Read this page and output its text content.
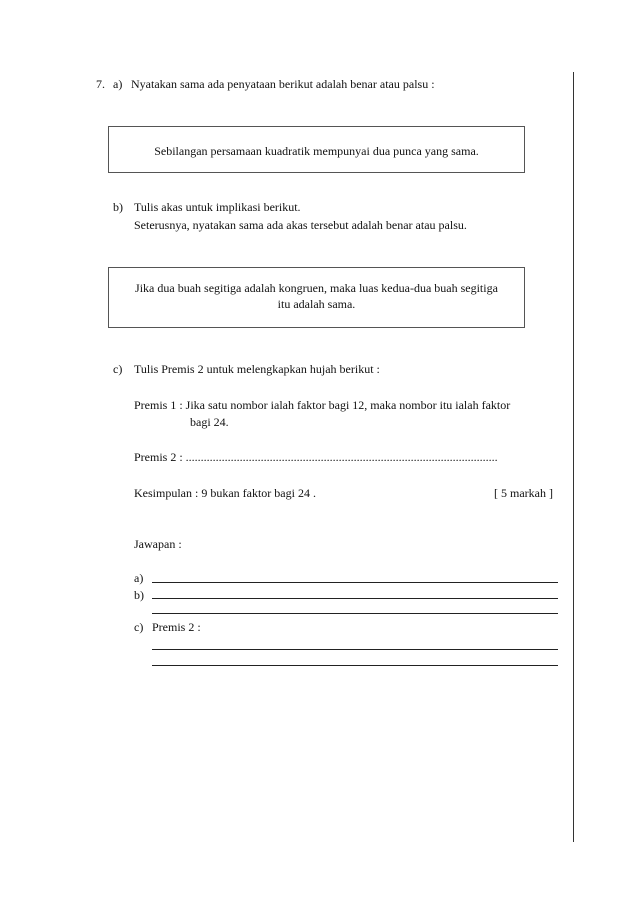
7. a) Nyatakan sama ada penyataan berikut adalah benar atau palsu :
Sebilangan persamaan kuadratik mempunyai dua punca yang sama.
b) Tulis akas untuk implikasi berikut.
Seterusnya, nyatakan sama ada akas tersebut adalah benar atau palsu.
Jika dua buah segitiga adalah kongruen, maka luas kedua-dua buah segitiga
itu adalah sama.
c) Tulis Premis 2 untuk melengkapkan hujah berikut :
Premis 1 : Jika satu nombor ialah faktor bagi 12, maka nombor itu ialah faktor
bagi 24.
Premis 2 : ........................................................................................................
Kesimpulan : 9 bukan faktor bagi 24 .	[ 5 markah ]
Jawapan :
a)
b)
c) Premis 2 :
